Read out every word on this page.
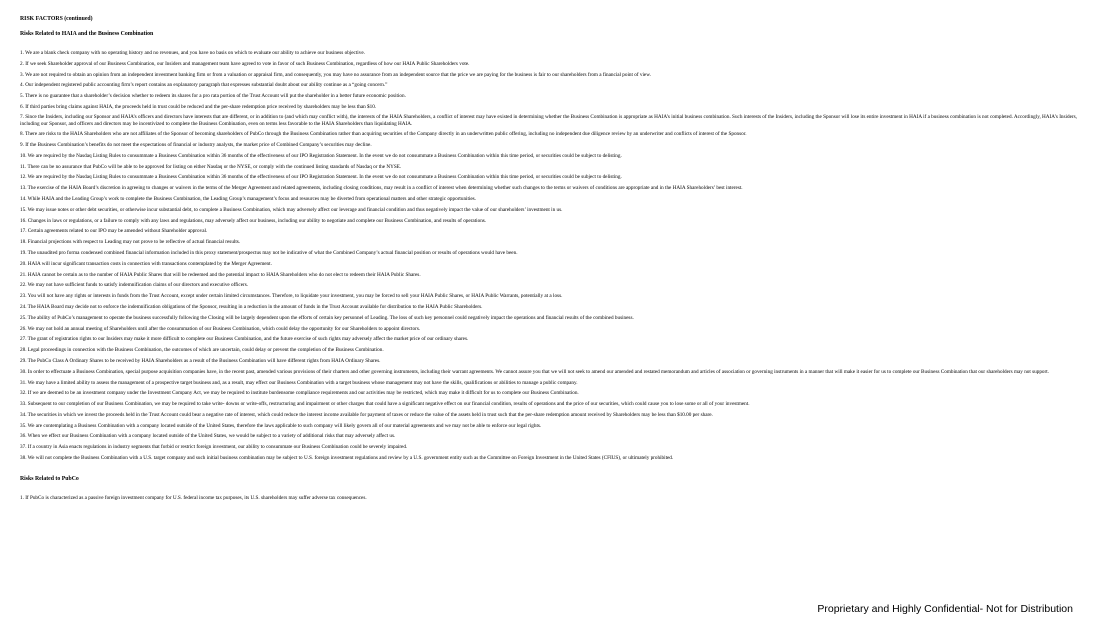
RISK FACTORS (continued)
Risks Related to HAIA and the Business Combination
1. We are a blank check company with no operating history and no revenues, and you have no basis on which to evaluate our ability to achieve our business objective.
2. If we seek Shareholder approval of our Business Combination, our Insiders and management team have agreed to vote in favor of such Business Combination, regardless of how our HAIA Public Shareholders vote.
3. We are not required to obtain an opinion from an independent investment banking firm or from a valuation or appraisal firm, and consequently, you may have no assurance from an independent source that the price we are paying for the business is fair to our shareholders from a financial point of view.
4. Our independent registered public accounting firm’s report contains an explanatory paragraph that expresses substantial doubt about our ability continue as a “going concern.”
5. There is no guarantee that a shareholder’s decision whether to redeem its shares for a pro rata portion of the Trust Account will put the shareholder in a better future economic position.
6. If third parties bring claims against HAIA, the proceeds held in trust could be reduced and the per-share redemption price received by shareholders may be less than $10.
7. Since the Insiders, including our Sponsor and HAIA’s officers and directors have interests that are different, or in addition to (and which may conflict with), the interests of the HAIA Shareholders, a conflict of interest may have existed in determining whether the Business Combination is appropriate as HAIA’s initial business combination. Such interests of the Insiders, including the Sponsor will lose its entire investment in HAIA if a business combination is not completed. Accordingly, HAIA’s Insiders, including our Sponsor, and officers and directors may be incentivized to complete the Business Combination, even on terms less favorable to the HAIA Shareholders than liquidating HAIA.
8. There are risks to the HAIA Shareholders who are not affiliates of the Sponsor of becoming shareholders of PubCo through the Business Combination rather than acquiring securities of the Company directly in an underwritten public offering, including no independent due diligence review by an underwriter and conflicts of interest of the Sponsor.
9. If the Business Combination’s benefits do not meet the expectations of financial or industry analysts, the market price of Combined Company’s securities may decline.
10. We are required by the Nasdaq Listing Rules to consummate a Business Combination within 36 months of the effectiveness of our IPO Registration Statement. In the event we do not consummate a Business Combination within this time period, or securities could be subject to delisting.
11. There can be no assurance that PubCo will be able to be approved for listing on either Nasdaq or the NYSE, or comply with the continued listing standards of Nasdaq or the NYSE.
12. We are required by the Nasdaq Listing Rules to consummate a Business Combination within 36 months of the effectiveness of our IPO Registration Statement. In the event we do not consummate a Business Combination within this time period, or securities could be subject to delisting.
13. The exercise of the HAIA Board’s discretion in agreeing to changes or waivers in the terms of the Merger Agreement and related agreements, including closing conditions, may result in a conflict of interest when determining whether such changes to the terms or waivers of conditions are appropriate and in the HAIA Shareholders’ best interest.
14. While HAIA and the Leading Group’s work to complete the Business Combination, the Leading Group’s management’s focus and resources may be diverted from operational matters and other strategic opportunities.
15. We may issue notes or other debt securities, or otherwise incur substantial debt, to complete a Business Combination, which may adversely affect our leverage and financial condition and thus negatively impact the value of our shareholders’ investment in us.
16. Changes in laws or regulations, or a failure to comply with any laws and regulations, may adversely affect our business, including our ability to negotiate and complete our Business Combination, and results of operations.
17. Certain agreements related to our IPO may be amended without Shareholder approval.
18. Financial projections with respect to Leading may not prove to be reflective of actual financial results.
19. The unaudited pro forma condensed combined financial information included in this proxy statement/prospectus may not be indicative of what the Combined Company’s actual financial position or results of operations would have been.
20. HAIA will incur significant transaction costs in connection with transactions contemplated by the Merger Agreement.
21. HAIA cannot be certain as to the number of HAIA Public Shares that will be redeemed and the potential impact to HAIA Shareholders who do not elect to redeem their HAIA Public Shares.
22. We may not have sufficient funds to satisfy indemnification claims of our directors and executive officers.
23. You will not have any rights or interests in funds from the Trust Account, except under certain limited circumstances. Therefore, to liquidate your investment, you may be forced to sell your HAIA Public Shares, or HAIA Public Warrants, potentially at a loss.
24. The HAIA Board may decide not to enforce the indemnification obligations of the Sponsor, resulting in a reduction in the amount of funds in the Trust Account available for distribution to the HAIA Public Shareholders.
25. The ability of PubCo’s management to operate the business successfully following the Closing will be largely dependent upon the efforts of certain key personnel of Leading. The loss of such key personnel could negatively impact the operations and financial results of the combined business.
26. We may not hold an annual meeting of Shareholders until after the consummation of our Business Combination, which could delay the opportunity for our Shareholders to appoint directors.
27. The grant of registration rights to our Insiders may make it more difficult to complete our Business Combination, and the future exercise of such rights may adversely affect the market price of our ordinary shares.
28. Legal proceedings in connection with the Business Combination, the outcomes of which are uncertain, could delay or prevent the completion of the Business Combination.
29. The PubCo Class A Ordinary Shares to be received by HAIA Shareholders as a result of the Business Combination will have different rights from HAIA Ordinary Shares.
30. In order to effectuate a Business Combination, special purpose acquisition companies have, in the recent past, amended various provisions of their charters and other governing instruments, including their warrant agreements. We cannot assure you that we will not seek to amend our amended and restated memorandum and articles of association or governing instruments in a manner that will make it easier for us to complete our Business Combination that our shareholders may not support.
31. We may have a limited ability to assess the management of a prospective target business and, as a result, may effect our Business Combination with a target business whose management may not have the skills, qualifications or abilities to manage a public company.
32. If we are deemed to be an investment company under the Investment Company Act, we may be required to institute burdensome compliance requirements and our activities may be restricted, which may make it difficult for us to complete our Business Combination.
33. Subsequent to our completion of our Business Combination, we may be required to take write- downs or write-offs, restructuring and impairment or other charges that could have a significant negative effect on our financial condition, results of operations and the price of our securities, which could cause you to lose some or all of your investment.
34. The securities in which we invest the proceeds held in the Trust Account could bear a negative rate of interest, which could reduce the interest income available for payment of taxes or reduce the value of the assets held in trust such that the per-share redemption amount received by Shareholders may be less than $10.00 per share.
35. We are contemplating a Business Combination with a company located outside of the United States, therefore the laws applicable to such company will likely govern all of our material agreements and we may not be able to enforce our legal rights.
36. When we effect our Business Combination with a company located outside of the United States, we would be subject to a variety of additional risks that may adversely affect us.
37. If a country in Asia enacts regulations in industry segments that forbid or restrict foreign investment, our ability to consummate our Business Combination could be severely impaired.
38. We will not complete the Business Combination with a U.S. target company and such initial business combination may be subject to U.S. foreign investment regulations and review by a U.S. government entity such as the Committee on Foreign Investment in the United States (CFIUS), or ultimately prohibited.
Risks Related to PubCo
1. If PubCo is characterized as a passive foreign investment company for U.S. federal income tax purposes, its U.S. shareholders may suffer adverse tax consequences.
Proprietary and Highly Confidential- Not for Distribution
